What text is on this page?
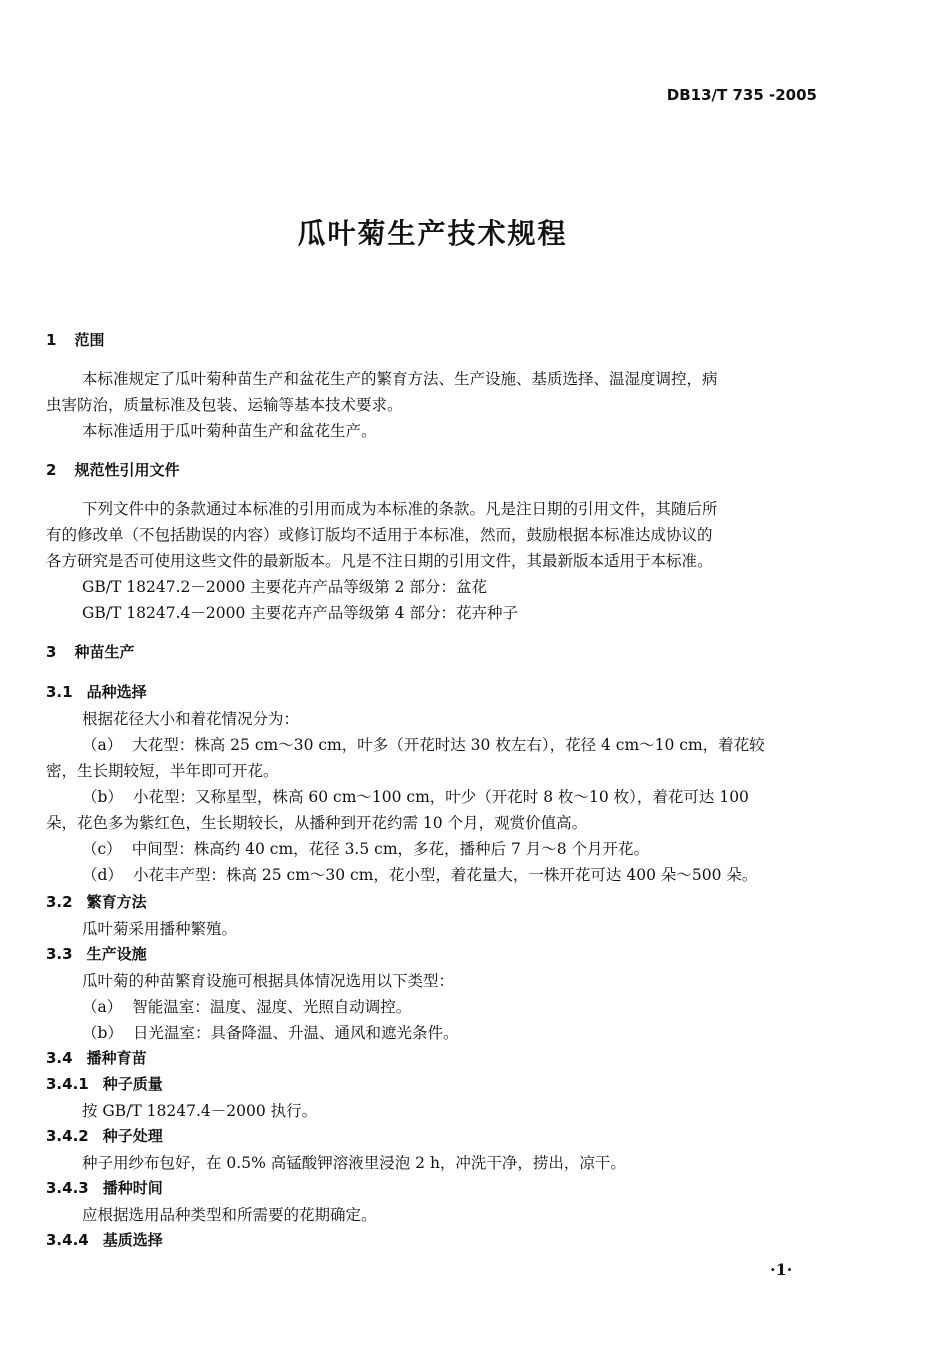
DB13/T 735 -2005
瓜叶菊生产技术规程
1 范围
本标准规定了瓜叶菊种苗生产和盆花生产的繁育方法、生产设施、基质选择、温湿度调控，病
虫害防治，质量标准及包装、运输等基本技术要求。
本标准适用于瓜叶菊种苗生产和盆花生产。
2 规范性引用文件
下列文件中的条款通过本标准的引用而成为本标准的条款。凡是注日期的引用文件，其随后所
有的修改单（不包括勘误的内容）或修订版均不适用于本标准，然而，鼓励根据本标准达成协议的
各方研究是否可使用这些文件的最新版本。凡是不注日期的引用文件，其最新版本适用于本标准。
GB/T 18247.2－2000 主要花卉产品等级第 2 部分：盆花
GB/T 18247.4－2000 主要花卉产品等级第 4 部分：花卉种子
3 种苗生产
3.1 品种选择
根据花径大小和着花情况分为：
（a） 大花型：株高 25 cm～30 cm，叶多（开花时达 30 枚左右），花径 4 cm～10 cm，着花较
密，生长期较短，半年即可开花。
（b） 小花型：又称星型，株高 60 cm～100 cm，叶少（开花时 8 枚～10 枚），着花可达 100
朵，花色多为紫红色，生长期较长，从播种到开花约需 10 个月，观赏价值高。
（c） 中间型：株高约 40 cm，花径 3.5 cm，多花，播种后 7 月～8 个月开花。
（d） 小花丰产型：株高 25 cm～30 cm，花小型，着花量大，一株开花可达 400 朵～500 朵。
3.2 繁育方法
瓜叶菊采用播种繁殖。
3.3 生产设施
瓜叶菊的种苗繁育设施可根据具体情况选用以下类型：
（a） 智能温室：温度、湿度、光照自动调控。
（b） 日光温室：具备降温、升温、通风和遮光条件。
3.4 播种育苗
3.4.1 种子质量
按 GB/T 18247.4－2000 执行。
3.4.2 种子处理
种子用纱布包好，在 0.5% 高锰酸钾溶液里浸泡 2 h，冲洗干净，捞出，凉干。
3.4.3 播种时间
应根据选用品种类型和所需要的花期确定。
3.4.4 基质选择
·1·
